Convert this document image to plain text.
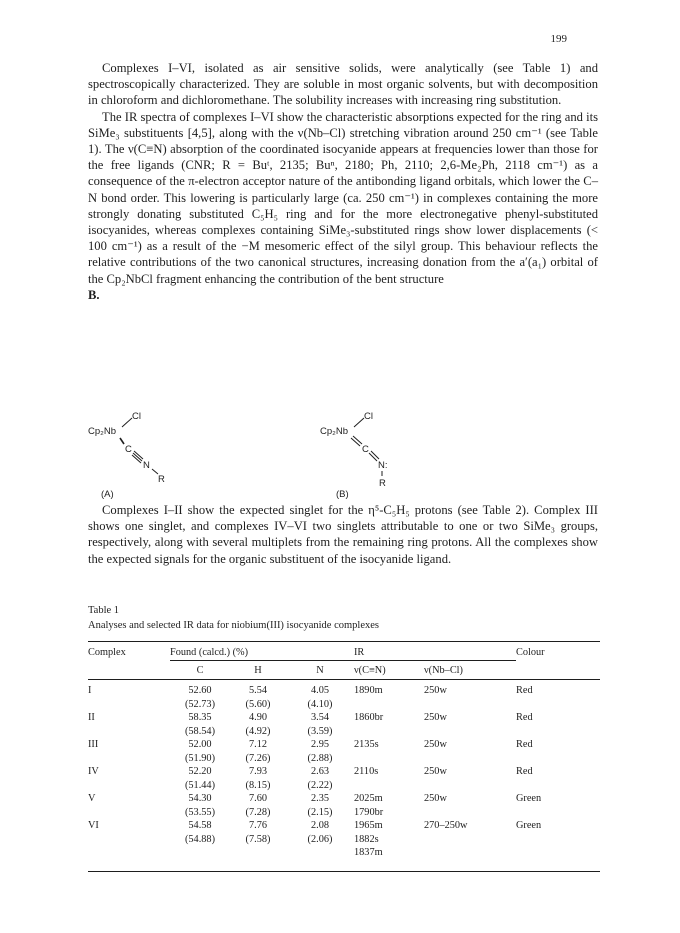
199

Complexes I–VI, isolated as air sensitive solids, were analytically (see Table 1) and spectroscopically characterized. They are soluble in most organic solvents, but with decomposition in chloroform and dichloromethane. The solubility increases with increasing ring substitution.

The IR spectra of complexes I–VI show the characteristic absorptions expected for the ring and its SiMe₃ substituents [4,5], along with the ν(Nb–Cl) stretching vibration around 250 cm⁻¹ (see Table 1). The ν(C≡N) absorption of the coordinated isocyanide appears at frequencies lower than those for the free ligands (CNR; R = Buᵗ, 2135; Buⁿ, 2180; Ph, 2110; 2,6-Me₂Ph, 2118 cm⁻¹) as a consequence of the π-electron acceptor nature of the antibonding ligand orbitals, which lower the C–N bond order. This lowering is particularly large (ca. 250 cm⁻¹) in complexes containing the more strongly donating substituted C₅H₅ ring and for the more electronegative phenyl-substituted isocyanides, whereas complexes containing SiMe₃-substituted rings show lower displacements (< 100 cm⁻¹) as a result of the −M mesomeric effect of the silyl group. This behaviour reflects the relative contributions of the two canonical structures, increasing donation from the a′(a₁) orbital of the Cp₂NbCl fragment enhancing the contribution of the bent structure

B.

Cp₂Nb
Cl
C
N
R
Cp₂Nb
Cl
C
N:
R
(A)	(B)

Complexes I–II show the expected singlet for the η⁵-C₅H₅ protons (see Table 2). Complex III shows one singlet, and complexes IV–VI two singlets attributable to one or two SiMe₃ groups, respectively, along with several multiplets from the remaining ring protons. All the complexes show the expected signals for the organic substituent of the isocyanide ligand.

Table 1
Analyses and selected IR data for niobium(III) isocyanide complexes
Complex	Found (calcd.) (%)			IR		Colour
	C	H	N	ν(C≡N)	ν(Nb–Cl)	
I	52.60	5.54	4.05	1890m	250w	Red
	(52.73)	(5.60)	(4.10)			
II	58.35	4.90	3.54	1860br	250w	Red
	(58.54)	(4.92)	(3.59)			
III	52.00	7.12	2.95	2135s	250w	Red
	(51.90)	(7.26)	(2.88)			
IV	52.20	7.93	2.63	2110s	250w	Red
	(51.44)	(8.15)	(2.22)			
V	54.30	7.60	2.35	2025m	250w	Green
	(53.55)	(7.28)	(2.15)	1790br		
VI	54.58	7.76	2.08	1965m	270–250w	Green
	(54.88)	(7.58)	(2.06)	1882s		
				1837m		
